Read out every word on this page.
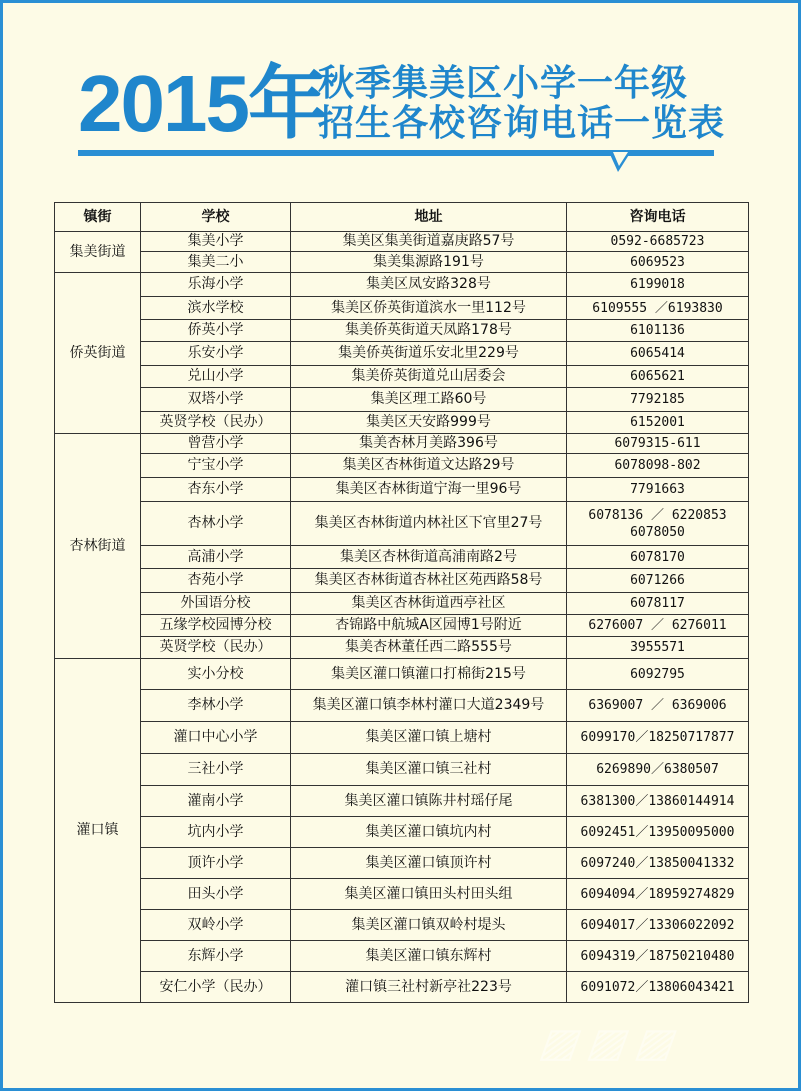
2015年
秋季集美区小学一年级
招生各校咨询电话一览表
镇街	学校	地址	咨询电话
集美街道	集美小学	集美区集美街道嘉庚路57号	0592-6685723
	集美二小	集美集源路191号	6069523
侨英街道	乐海小学	集美区凤安路328号	6199018
	滨水学校	集美区侨英街道滨水一里112号	6109555 ／6193830
	侨英小学	集美侨英街道天凤路178号	6101136
	乐安小学	集美侨英街道乐安北里229号	6065414
	兑山小学	集美侨英街道兑山居委会	6065621
	双塔小学	集美区理工路60号	7792185
	英贤学校（民办）	集美区天安路999号	6152001
杏林街道	曾营小学	集美杏林月美路396号	6079315-611
	宁宝小学	集美区杏林街道文达路29号	6078098-802
	杏东小学	集美区杏林街道宁海一里96号	7791663
	杏林小学	集美区杏林街道内林社区下官里27号	6078136 ／ 6220853
6078050

	高浦小学	集美区杏林街道高浦南路2号	6078170
	杏苑小学	集美区杏林街道杏林社区苑西路58号	6071266
	外国语分校	集美区杏林街道西亭社区	6078117
	五缘学校园博分校	杏锦路中航城A区园博1号附近	6276007 ／ 6276011
	英贤学校（民办）	集美杏林董任西二路555号	3955571
灌口镇	实小分校	集美区灌口镇灌口打棉街215号	6092795
	李林小学	集美区灌口镇李林村灌口大道2349号	6369007 ／ 6369006
	灌口中心小学	集美区灌口镇上塘村	6099170／18250717877
	三社小学	集美区灌口镇三社村	6269890／6380507
	灌南小学	集美区灌口镇陈井村瑶仔尾	6381300／13860144914
	坑内小学	集美区灌口镇坑内村	6092451／13950095000
	顶许小学	集美区灌口镇顶许村	6097240／13850041332
	田头小学	集美区灌口镇田头村田头组	6094094／18959274829
	双岭小学	集美区灌口镇双岭村堤头	6094017／13306022092
	东辉小学	集美区灌口镇东辉村	6094319／18750210480
	安仁小学（民办）	灌口镇三社村新亭社223号	6091072／13806043421
▨▨▨
